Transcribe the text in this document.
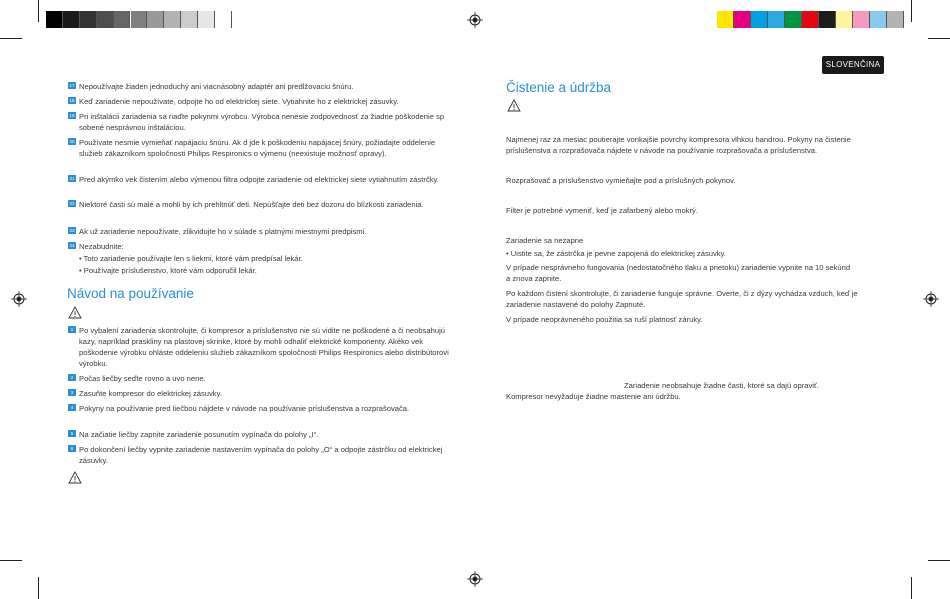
SLOVENČINA
17 Nepoužívajte žiaden jednoduchý ani viacnásobný adaptér ani predlžovaciu šnúru.
18 Keď zariadenie nepoužívate, odpojte ho od elektrickej siete. Vytiahnite ho z elektrickej zásuvky.
19 Pri inštalácii zariadenia sa riaďte pokynmi výrobcu. Výrobca nenesie zodpovednosť za žiadne poškodenie sp sobené nesprávnou inštaláciou.
20 Používate nesmie vymieňať napájaciu šnúru. Ak d jde k poškodeniu napájacej šnúry, požiadajte oddelenie služieb zákazníkom spoločnosti Philips Respironics o výmenu (neexistuje možnosť opravy).
21 Pred akýmko vek čistením alebo výmenou filtra odpojte zariadenie od elektrickej siete vytiahnutím zástrčky.
22 Niektoré časti sú malé a mohli by ich prehltnúť deti. Nepúšťajte deti bez dozoru do blízkosti zariadenia.
23 Ak už zariadenie nepoužívate, zlikvidujte ho v súlade s platnými miestnymi predpismi.
24 Nezabudnite:
• Toto zariadenie používajte len s liekmi, ktoré vám predpísal lekár.
• Používajte príslušenstvo, ktoré vám odporučil lekár.
Návod na používanie
1 Po vybalení zariadenia skontrolujte, či kompresor a príslušenstvo nie sú vidite ne poškodené a či neobsahujú kazy, napríklad praskliny na plastovej skrinke, ktoré by mohli odhaliť elektrické komponenty. Akéko vek poškodenie výrobku ohláste oddeleniu služieb zákazníkom spoločnosti Philips Respironics alebo distribútorovi výrobku.
2 Počas liečby seďte rovno a uvo nene.
3 Zasuňte kompresor do elektrickej zásuvky.
4 Pokyny na používanie pred liečbou nájdete v návode na používanie príslušenstva a rozprašovača.
5 Na začiatie liečby zapnite zariadenie posunutím vypínača do polohy „I“.
6 Po dokončení liečby vypnite zariadenie nastavením vypínača do polohy „O“ a odpojte zástrčku od elektrickej zásuvky.
Čistenie a údržba
Najmenej raz za mesiac poutierajte vonkajšie povrchy kompresora vlhkou handrou. Pokyny na čistenie príslušenstva a rozprašovača nájdete v návode na používanie rozprašovača a príslušenstva.
Rozprašovač a príslušenstvo vymieňajte pod a príslušných pokynov.
Filter je potrebné vymeniť, keď je zafarbený alebo mokrý.
Zariadenie sa nezapne
• Uistite sa, že zástrčka je pevne zapojená do elektrickej zásuvky.
V prípade nesprávneho fungovania (nedostatočného tlaku a prietoku) zariadenie vypnite na 10 sekúnd a znova zapnite.
Po každom čistení skontrolujte, či zariadenie funguje správne. Overte, či z dýzy vychádza vzduch, keď je zariadenie nastavené do polohy Zapnuté.
V prípade neoprávneného použitia sa ruší platnosť záruky.
Zariadenie neobsahuje žiadne časti, ktoré sa dajú opraviť.
Kompresor nevyžaduje žiadne mastenie ani údržbu.
